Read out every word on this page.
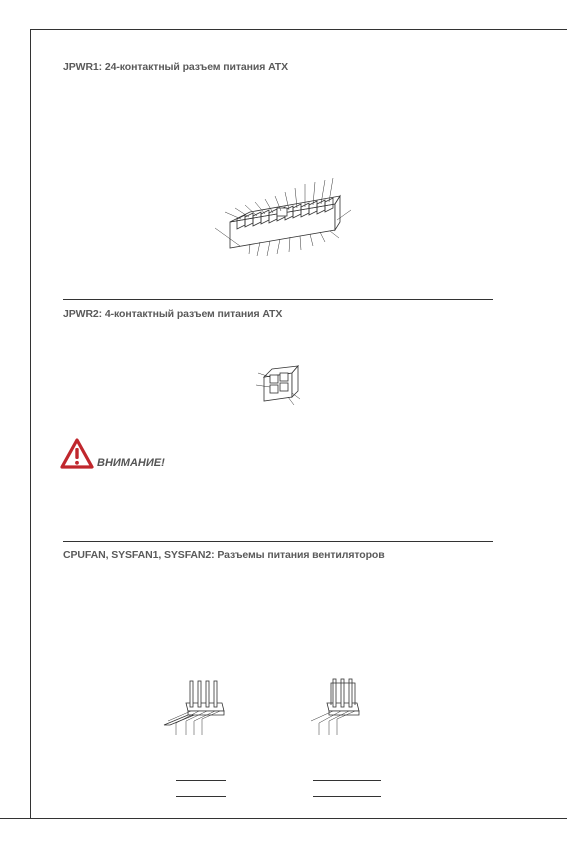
JPWR1: 24-контактный разъем питания ATX
JPWR2: 4-контактный разъем питания ATX
ВНИМАНИЕ!
CPUFAN, SYSFAN1, SYSFAN2: Разъемы питания вентиляторов
